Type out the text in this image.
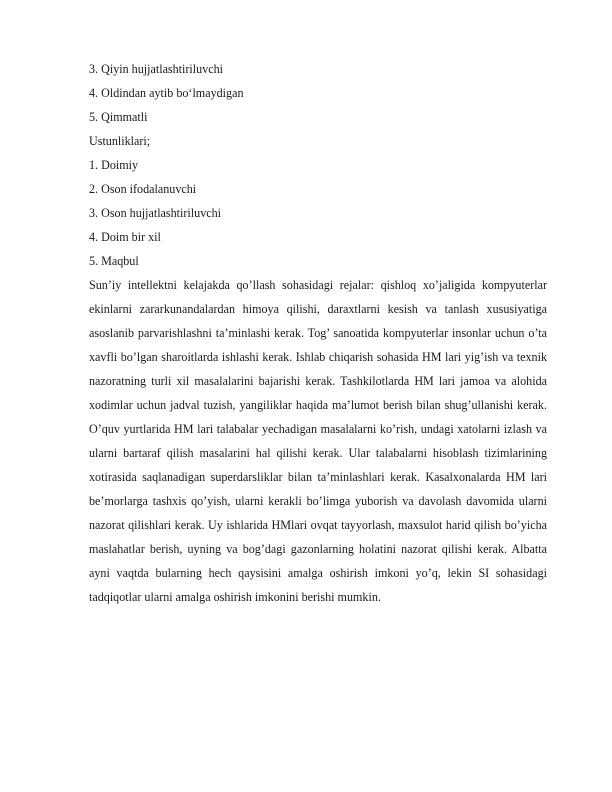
3. Qiyin hujjatlashtiriluvchi
4. Oldindan aytib bo‘lmaydigan
5. Qimmatli
Ustunliklari;
1. Doimiy
2. Oson ifodalanuvchi
3. Oson hujjatlashtiriluvchi
4. Doim bir xil
5. Maqbul

Sun’iy intellektni kelajakda qo’llash sohasidagi rejalar: qishloq xo’jaligida kompyuterlar ekinlarni zararkunandalardan himoya qilishi, daraxtlarni kesish va tanlash xususiyatiga asoslanib parvarishlashni ta’minlashi kerak. Tog’ sanoatida kompyuterlar insonlar uchun o’ta xavfli bo’lgan sharoitlarda ishlashi kerak. Ishlab chiqarish sohasida HM lari yig’ish va texnik nazoratning turli xil masalalarini bajarishi kerak. Tashkilotlarda HM lari jamoa va alohida xodimlar uchun jadval tuzish, yangiliklar haqida ma’lumot berish bilan shug’ullanishi kerak. O’quv yurtlarida HM lari talabalar yechadigan masalalarni ko’rish, undagi xatolarni izlash va ularni bartaraf qilish masalarini hal qilishi kerak. Ular talabalarni hisoblash tizimlarining xotirasida saqlanadigan superdarsliklar bilan ta’minlashlari kerak. Kasalxonalarda HM lari be’morlarga tashxis qo’yish, ularni kerakli bo’limga yuborish va davolash davomida ularni nazorat qilishlari kerak. Uy ishlarida HMlari ovqat tayyorlash, maxsulot harid qilish bo’yicha maslahatlar berish, uyning va bog’dagi gazonlarning holatini nazorat qilishi kerak. Albatta ayni vaqtda bularning hech qaysisini amalga oshirish imkoni yo’q, lekin SI sohasidagi tadqiqotlar ularni amalga oshirish imkonini berishi mumkin.
